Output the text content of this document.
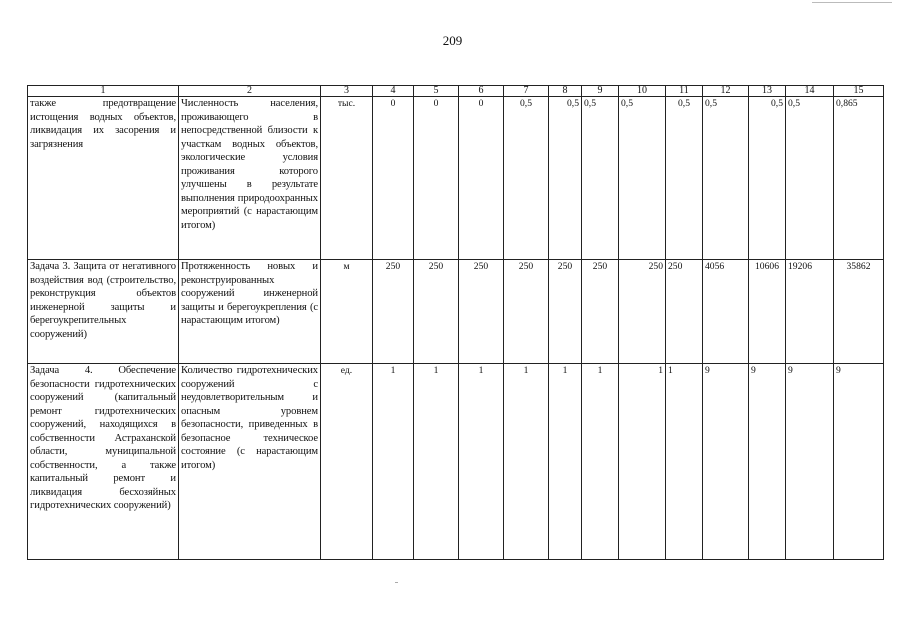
209
1	2	3	4	5	6	7	8	9	10	11	12	13	14	15
также предотвращение истощения водных объектов, ликвидация их засорения и загрязнения	Численность населения, проживающего в непосредственной близости к участкам водных объектов, экологические условия проживания которого улучшены в результате выполнения природоохранных мероприятий (с нарастающим итогом)	тыс.	0	0	0	0,5	0,5	0,5	0,5	0,5	0,5	0,5	0,5	0,865
Задача 3. Защита от негативного воздействия вод (строительство, реконструкция объектов инженерной защиты и берегоукрепительных сооружений)	Протяженность новых и реконструированных сооружений инженерной защиты и берегоукрепления (с нарастающим итогом)	м	250	250	250	250	250	250	250	250	4056	10606	19206	35862
Задача 4. Обеспечение безопасности гидротехнических сооружений (капитальный ремонт гидротехнических сооружений, находящихся в собственности Астраханской области, муниципальной собственности, а также капитальный ремонт и ликвидация бесхозяйных гидротехнических сооружений)	Количество гидротехнических сооружений с неудовлетворительным и опасным уровнем безопасности, приведенных в безопасное техническое состояние (с нарастающим итогом)	ед.	1	1	1	1	1	1	1	1	9	9	9	9
